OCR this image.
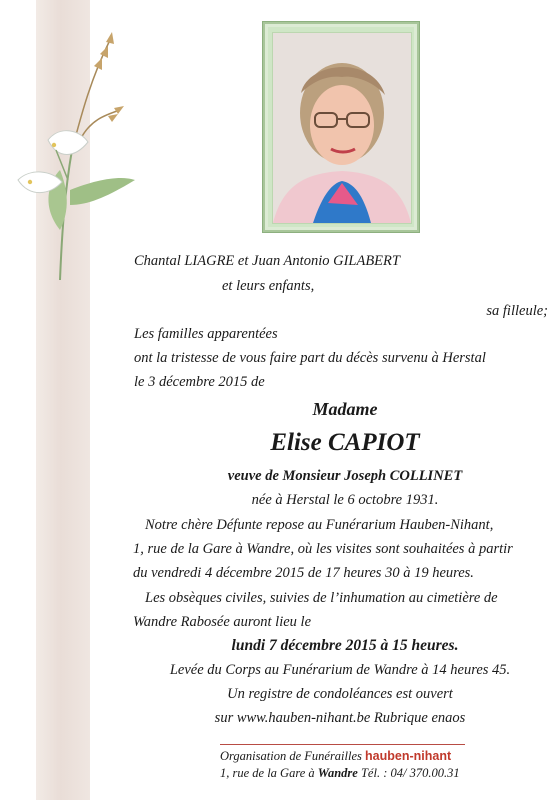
Chantal LIAGRE et Juan Antonio GILABERT
et leurs enfants,
sa filleule;
Les familles apparentées
ont la tristesse de vous faire part du décès survenu à Herstal
le 3 décembre 2015 de
Madame
Elise CAPIOT
veuve de Monsieur Joseph COLLINET
née à Herstal le 6 octobre 1931.
Notre chère Défunte repose au Funérarium Hauben-Nihant,
1, rue de la Gare à Wandre, où les visites sont souhaitées à partir
du vendredi 4 décembre 2015 de 17 heures 30 à 19 heures.
Les obsèques civiles, suivies de l’inhumation au cimetière de
Wandre Rabosée auront lieu le
lundi 7 décembre 2015 à 15 heures.
Levée du Corps au Funérarium de Wandre à 14 heures 45.
Un registre de condoléances est ouvert
sur www.hauben-nihant.be Rubrique enaos
Organisation de Funérailles hauben-nihant
1, rue de la Gare à Wandre Tél. : 04/ 370.00.31
